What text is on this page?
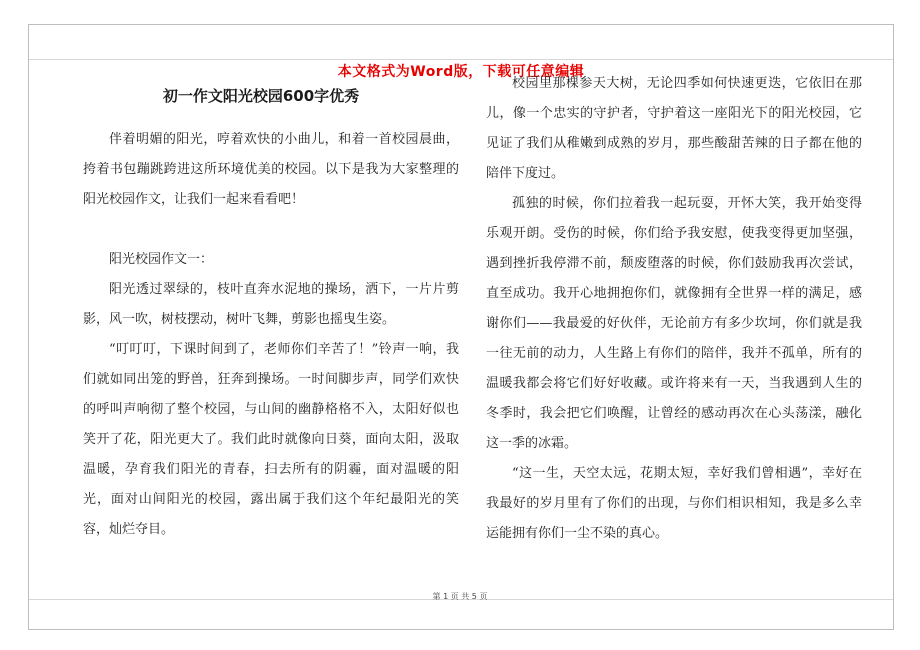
本文格式为Word版，下载可任意编辑
初一作文阳光校园600字优秀

伴着明媚的阳光，哼着欢快的小曲儿，和着一首校园晨曲，挎着书包蹦跳跨进这所环境优美的校园。以下是我为大家整理的阳光校园作文，让我们一起来看看吧！

阳光校园作文一：

阳光透过翠绿的，枝叶直奔水泥地的操场，洒下，一片片剪影，风一吹，树枝摆动，树叶飞舞，剪影也摇曳生姿。

“叮叮叮，下课时间到了，老师你们辛苦了！”铃声一响，我们就如同出笼的野兽，狂奔到操场。一时间脚步声，同学们欢快的呼叫声响彻了整个校园，与山间的幽静格格不入，太阳好似也笑开了花，阳光更大了。我们此时就像向日葵，面向太阳，汲取温暖，孕育我们阳光的青春，扫去所有的阴霾，面对温暖的阳光，面对山间阳光的校园，露出属于我们这个年纪最阳光的笑容，灿烂夺目。

校园里那棵参天大树，无论四季如何快速更迭，它依旧在那儿，像一个忠实的守护者，守护着这一座阳光下的阳光校园，它见证了我们从稚嫩到成熟的岁月，那些酸甜苦辣的日子都在他的陪伴下度过。

孤独的时候，你们拉着我一起玩耍，开怀大笑，我开始变得乐观开朗。受伤的时候，你们给予我安慰，使我变得更加坚强，遇到挫折我停滞不前，颓废堕落的时候，你们鼓励我再次尝试，直至成功。我开心地拥抱你们，就像拥有全世界一样的满足，感谢你们——我最爱的好伙伴，无论前方有多少坎坷，你们就是我一往无前的动力，人生路上有你们的陪伴，我并不孤单，所有的温暖我都会将它们好好收藏。或许将来有一天，当我遇到人生的冬季时，我会把它们唤醒，让曾经的感动再次在心头荡漾，融化这一季的冰霜。

“这一生，天空太远，花期太短，幸好我们曾相遇”，幸好在我最好的岁月里有了你们的出现，与你们相识相知，我是多么幸运能拥有你们一尘不染的真心。

第 1 页 共 5 页
